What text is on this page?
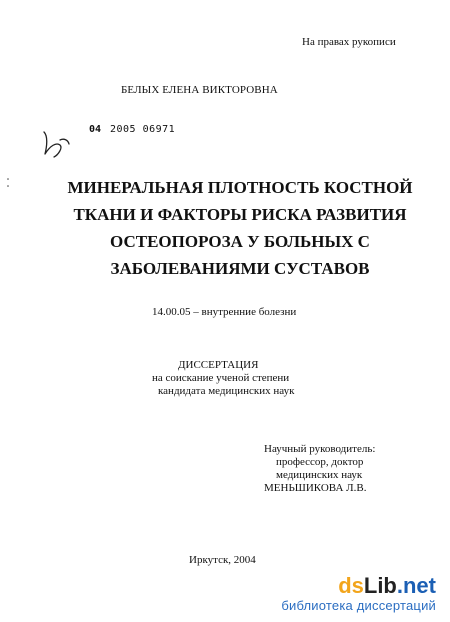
На правах рукописи
БЕЛЫХ ЕЛЕНА ВИКТОРОВНА
04 2005 06971
МИНЕРАЛЬНАЯ ПЛОТНОСТЬ КОСТНОЙ ТКАНИ И ФАКТОРЫ РИСКА РАЗВИТИЯ ОСТЕОПОРОЗА У БОЛЬНЫХ С ЗАБОЛЕВАНИЯМИ СУСТАВОВ
14.00.05 – внутренние болезни
ДИССЕРТАЦИЯ
на соискание ученой степени
кандидата медицинских наук
Научный руководитель:
профессор, доктор
медицинских наук
МЕНЬШИКОВА Л.В.
Иркутск, 2004
dsLib.net
библиотека диссертаций
